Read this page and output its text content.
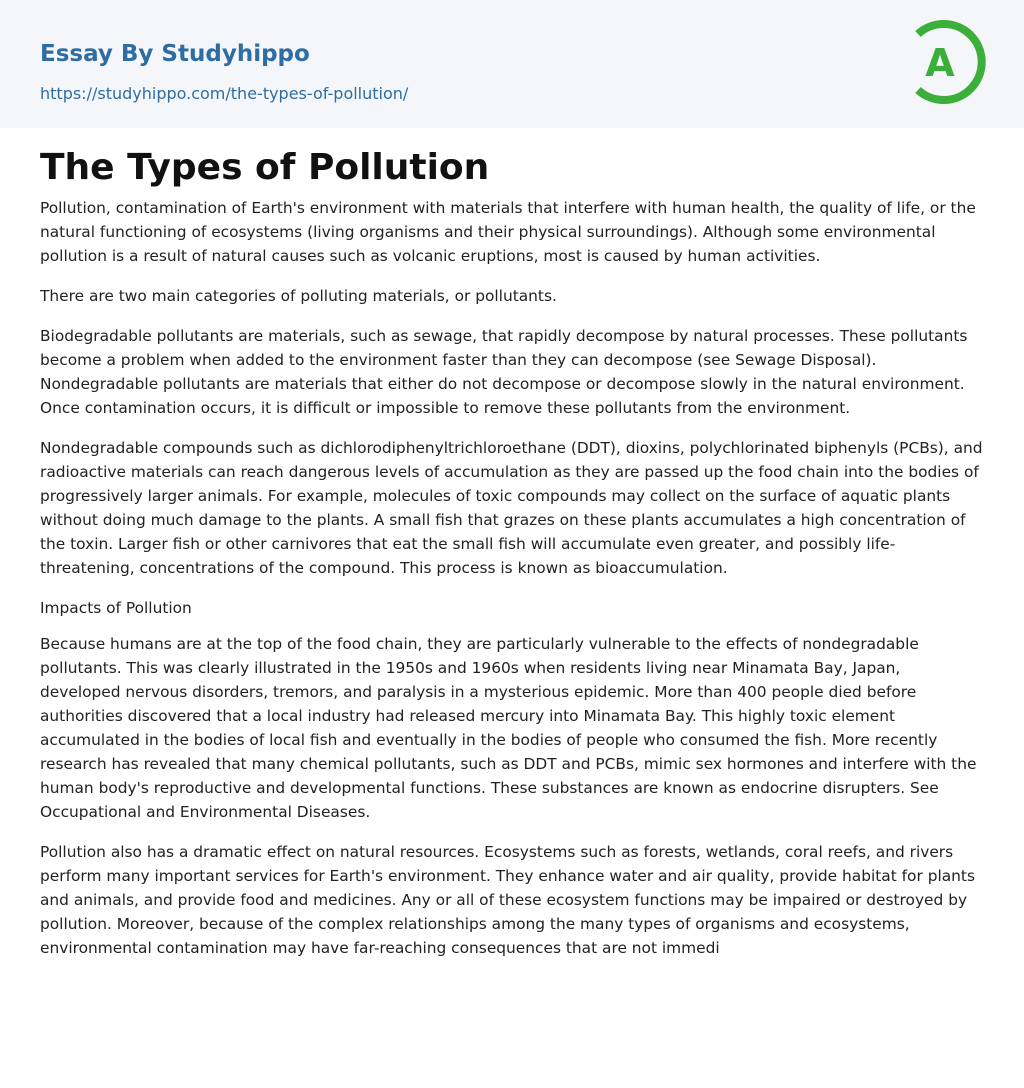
Essay By Studyhippo
https://studyhippo.com/the-types-of-pollution/
A
The Types of Pollution

Pollution, contamination of Earth's environment with materials that interfere with human health, the quality of life, or the natural functioning of ecosystems (living organisms and their physical surroundings). Although some environmental pollution is a result of natural causes such as volcanic eruptions, most is caused by human activities.

There are two main categories of polluting materials, or pollutants.

Biodegradable pollutants are materials, such as sewage, that rapidly decompose by natural processes. These pollutants become a problem when added to the environment faster than they can decompose (see Sewage Disposal). Nondegradable pollutants are materials that either do not decompose or decompose slowly in the natural environment. Once contamination occurs, it is difficult or impossible to remove these pollutants from the environment.

Nondegradable compounds such as dichlorodiphenyltrichloroethane (DDT), dioxins, polychlorinated biphenyls (PCBs), and radioactive materials can reach dangerous levels of accumulation as they are passed up the food chain into the bodies of progressively larger animals. For example, molecules of toxic compounds may collect on the surface of aquatic plants without doing much damage to the plants. A small fish that grazes on these plants accumulates a high concentration of the toxin. Larger fish or other carnivores that eat the small fish will accumulate even greater, and possibly life-threatening, concentrations of the compound. This process is known as bioaccumulation.

Impacts of Pollution

Because humans are at the top of the food chain, they are particularly vulnerable to the effects of nondegradable pollutants. This was clearly illustrated in the 1950s and 1960s when residents living near Minamata Bay, Japan, developed nervous disorders, tremors, and paralysis in a mysterious epidemic. More than 400 people died before authorities discovered that a local industry had released mercury into Minamata Bay. This highly toxic element accumulated in the bodies of local fish and eventually in the bodies of people who consumed the fish. More recently research has revealed that many chemical pollutants, such as DDT and PCBs, mimic sex hormones and interfere with the human body's reproductive and developmental functions. These substances are known as endocrine disrupters. See Occupational and Environmental Diseases.

Pollution also has a dramatic effect on natural resources. Ecosystems such as forests, wetlands, coral reefs, and rivers perform many important services for Earth's environment. They enhance water and air quality, provide habitat for plants and animals, and provide food and medicines. Any or all of these ecosystem functions may be impaired or destroyed by pollution. Moreover, because of the complex relationships among the many types of organisms and ecosystems, environmental contamination may have far-reaching consequences that are not immedi
